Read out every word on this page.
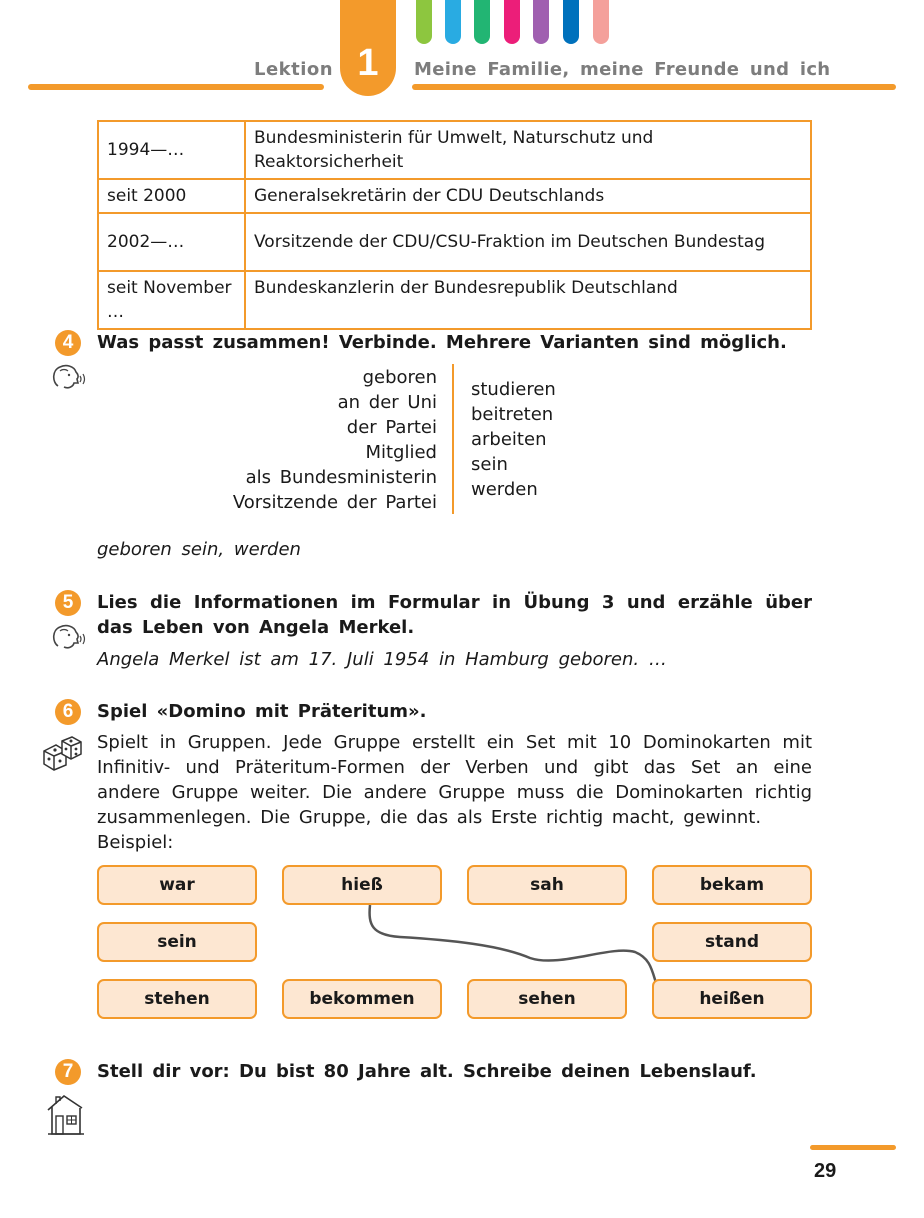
Lektion 1 Meine Familie, meine Freunde und ich
1994—…	Bundesministerin für Umwelt, Naturschutz und Reaktorsicherheit
seit 2000	Generalsekretärin der CDU Deutschlands
2002—…	Vorsitzende der CDU/CSU-Fraktion im Deutschen Bundestag
seit November …	Bundeskanzlerin der Bundesrepublik Deutschland
4	Was passt zusammen! Verbinde. Mehrere Varianten sind möglich.
geboren
an der Uni
der Partei
Mitglied
als Bundesministerin
Vorsitzende der Partei
studieren
beitreten
arbeiten
sein
werden
geboren sein, werden
5	Lies die Informationen im Formular in Übung 3 und erzähle über das Leben von Angela Merkel.
Angela Merkel ist am 17. Juli 1954 in Hamburg geboren. …
6	Spiel «Domino mit Präteritum».
Spielt in Gruppen. Jede Gruppe erstellt ein Set mit 10 Dominokarten mit Infinitiv- und Präteritum-Formen der Verben und gibt das Set an eine andere Gruppe weiter. Die andere Gruppe muss die Dominokarten richtig zusammenlegen. Die Gruppe, die das als Erste richtig macht, gewinnt.
Beispiel:
war	hieß	sah	bekam
sein	stand
stehen	bekommen	sehen	heißen
7	Stell dir vor: Du bist 80 Jahre alt. Schreibe deinen Lebenslauf.
29
